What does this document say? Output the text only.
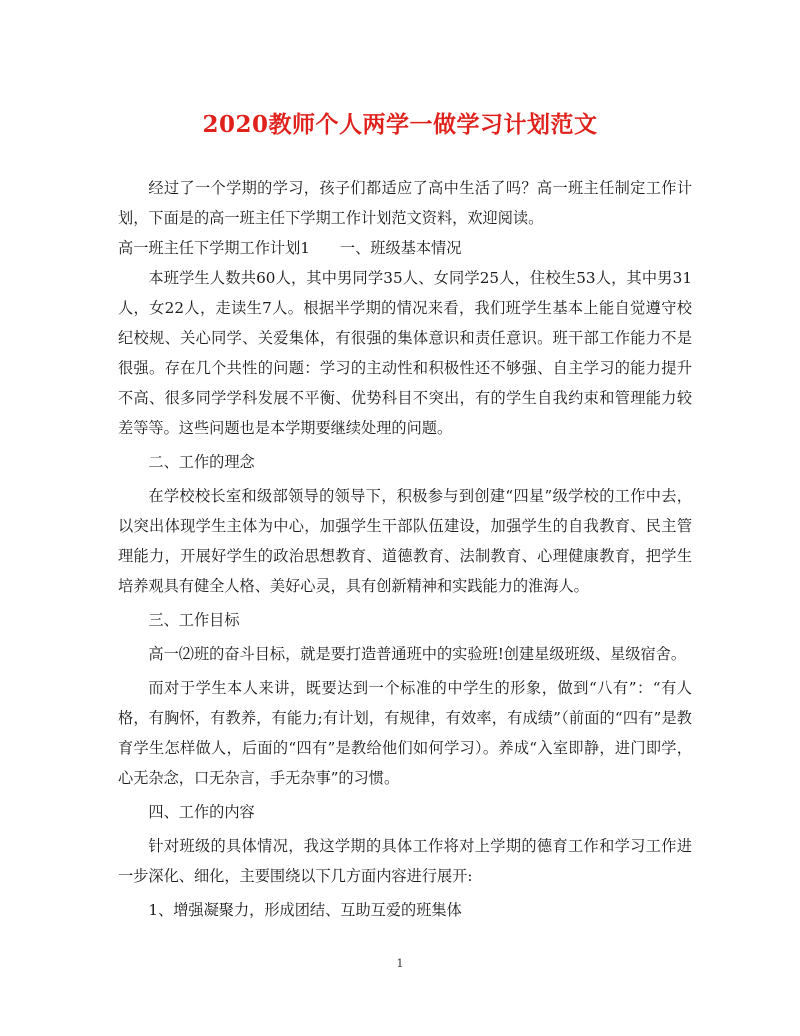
2020教师个人两学一做学习计划范文

经过了一个学期的学习，孩子们都适应了高中生活了吗？高一班主任制定工作计划，下面是的高一班主任下学期工作计划范文资料，欢迎阅读。

高一班主任下学期工作计划1 一、班级基本情况

本班学生人数共60人，其中男同学35人、女同学25人，住校生53人，其中男31人，女22人，走读生7人。根据半学期的情况来看，我们班学生基本上能自觉遵守校纪校规、关心同学、关爱集体，有很强的集体意识和责任意识。班干部工作能力不是很强。存在几个共性的问题：学习的主动性和积极性还不够强、自主学习的能力提升不高、很多同学学科发展不平衡、优势科目不突出，有的学生自我约束和管理能力较差等等。这些问题也是本学期要继续处理的问题。

二、工作的理念

在学校校长室和级部领导的领导下，积极参与到创建“四星”级学校的工作中去，以突出体现学生主体为中心，加强学生干部队伍建设，加强学生的自我教育、民主管理能力，开展好学生的政治思想教育、道德教育、法制教育、心理健康教育，把学生培养观具有健全人格、美好心灵，具有创新精神和实践能力的淮海人。

三、工作目标

高一⑵班的奋斗目标，就是要打造普通班中的实验班!创建星级班级、星级宿舍。

而对于学生本人来讲，既要达到一个标准的中学生的形象，做到“八有”：“有人格，有胸怀，有教养，有能力;有计划，有规律，有效率，有成绩”（前面的“四有”是教育学生怎样做人，后面的“四有”是教给他们如何学习）。养成“入室即静，进门即学，心无杂念，口无杂言，手无杂事”的习惯。

四、工作的内容

针对班级的具体情况，我这学期的具体工作将对上学期的德育工作和学习工作进一步深化、细化，主要围绕以下几方面内容进行展开:

1、增强凝聚力，形成团结、互助互爱的班集体

1
